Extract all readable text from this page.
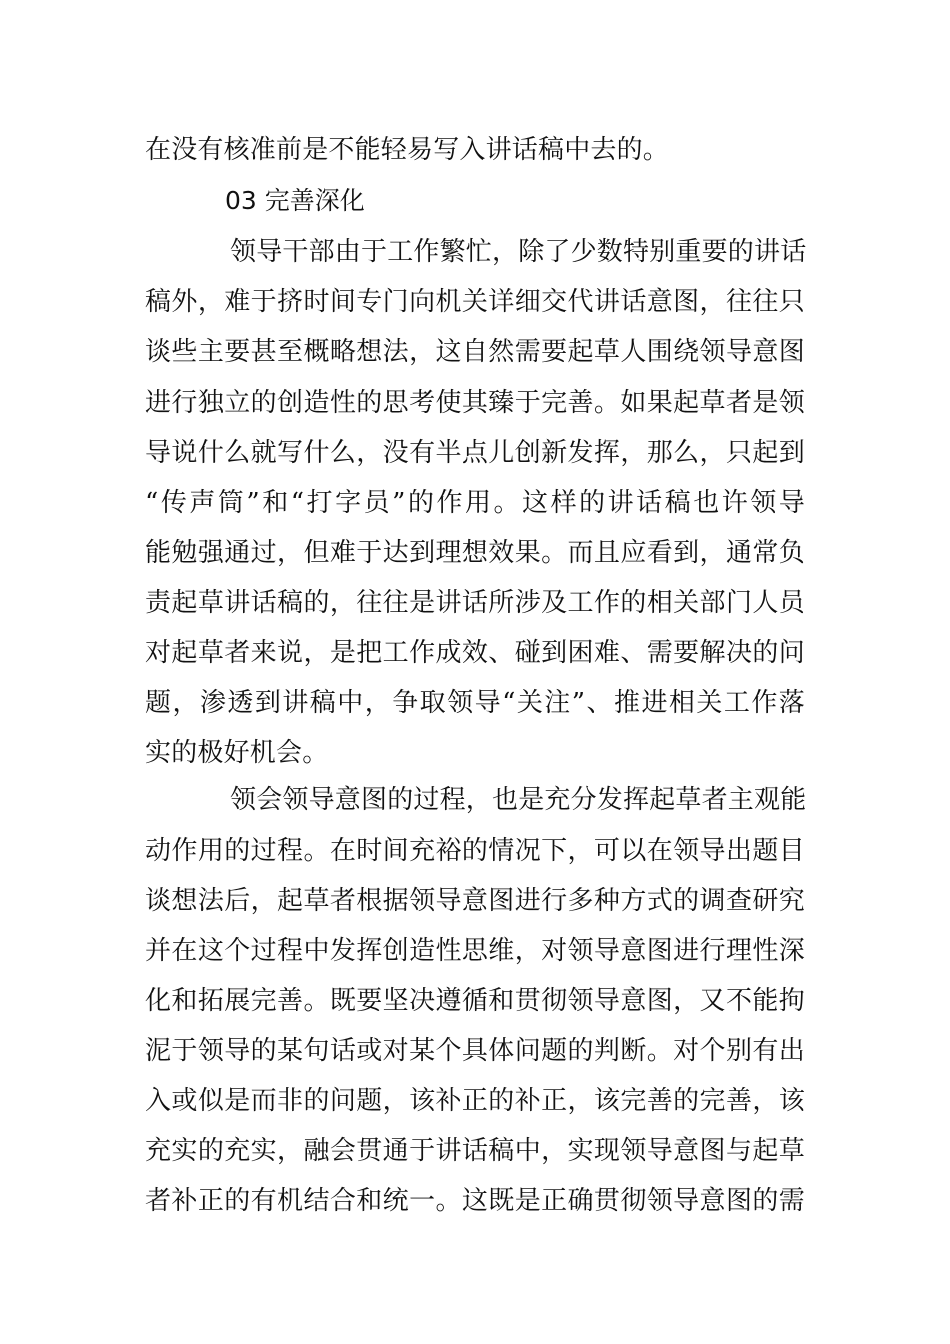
在没有核准前是不能轻易写入讲话稿中去的。

03 完善深化

领导干部由于工作繁忙，除了少数特别重要的讲话

稿外，难于挤时间专门向机关详细交代讲话意图，往往只

谈些主要甚至概略想法，这自然需要起草人围绕领导意图

进行独立的创造性的思考使其臻于完善。如果起草者是领

导说什么就写什么，没有半点儿创新发挥，那么，只起到

“传声筒”和“打字员”的作用。这样的讲话稿也许领导

能勉强通过，但难于达到理想效果。而且应看到，通常负

责起草讲话稿的，往往是讲话所涉及工作的相关部门人员

对起草者来说，是把工作成效、碰到困难、需要解决的问

题，渗透到讲稿中，争取领导“关注”、推进相关工作落

实的极好机会。

领会领导意图的过程，也是充分发挥起草者主观能

动作用的过程。在时间充裕的情况下，可以在领导出题目

谈想法后，起草者根据领导意图进行多种方式的调查研究

并在这个过程中发挥创造性思维，对领导意图进行理性深

化和拓展完善。既要坚决遵循和贯彻领导意图，又不能拘

泥于领导的某句话或对某个具体问题的判断。对个别有出

入或似是而非的问题，该补正的补正，该完善的完善，该

充实的充实，融会贯通于讲话稿中，实现领导意图与起草

者补正的有机结合和统一。这既是正确贯彻领导意图的需
